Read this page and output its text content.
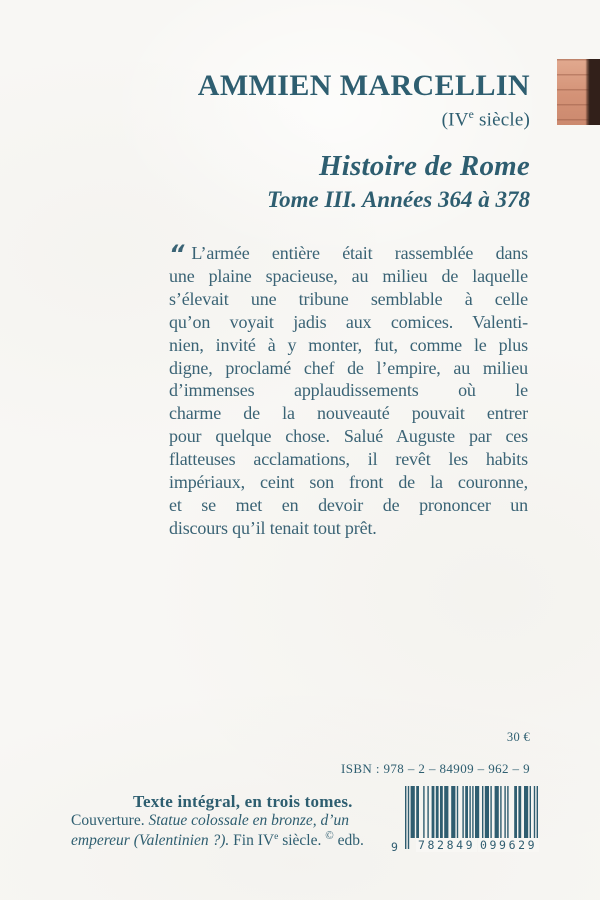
AMMIEN MARCELLIN
(IVe siècle)
Histoire de Rome
Tome III. Années 364 à 378
“ L’armée entière était rassemblée dans
une plaine spacieuse, au milieu de laquelle
s’élevait une tribune semblable à celle
qu’on voyait jadis aux comices. Valenti-
nien, invité à y monter, fut, comme le plus
digne, proclamé chef de l’empire, au milieu
d’immenses applaudissements où le
charme de la nouveauté pouvait entrer
pour quelque chose. Salué Auguste par ces
flatteuses acclamations, il revêt les habits
impériaux, ceint son front de la couronne,
et se met en devoir de prononcer un
discours qu’il tenait tout prêt.
30 €
ISBN : 978 – 2 – 84909 – 962 – 9
9 782849 099629
Texte intégral, en trois tomes.
Couverture. Statue colossale en bronze, d’un
empereur (Valentinien ?). Fin IVe siècle. © edb.
